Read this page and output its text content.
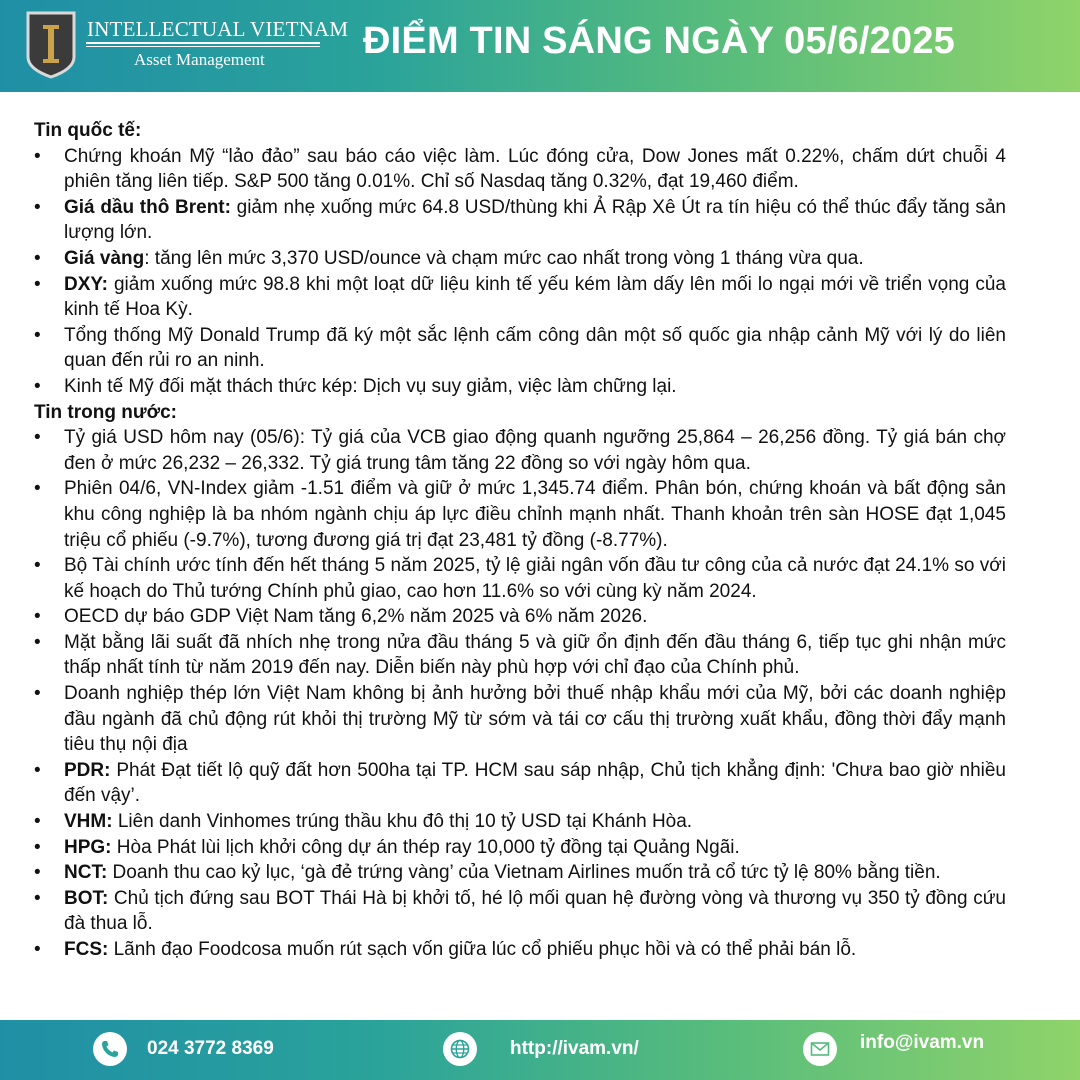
INTELLECTUAL VIETNAM
Asset Management	ĐIỂM TIN SÁNG NGÀY 05/6/2025
Tin quốc tế:
• Chứng khoán Mỹ “lảo đảo” sau báo cáo việc làm. Lúc đóng cửa, Dow Jones mất 0.22%, chấm dứt chuỗi 4 phiên tăng liên tiếp. S&P 500 tăng 0.01%. Chỉ số Nasdaq tăng 0.32%, đạt 19,460 điểm.
• Giá dầu thô Brent: giảm nhẹ xuống mức 64.8 USD/thùng khi Ả Rập Xê Út ra tín hiệu có thể thúc đẩy tăng sản lượng lớn.
• Giá vàng: tăng lên mức 3,370 USD/ounce và chạm mức cao nhất trong vòng 1 tháng vừa qua.
• DXY: giảm xuống mức 98.8 khi một loạt dữ liệu kinh tế yếu kém làm dấy lên mối lo ngại mới về triển vọng của kinh tế Hoa Kỳ.
• Tổng thống Mỹ Donald Trump đã ký một sắc lệnh cấm công dân một số quốc gia nhập cảnh Mỹ với lý do liên quan đến rủi ro an ninh.
• Kinh tế Mỹ đối mặt thách thức kép: Dịch vụ suy giảm, việc làm chững lại.
Tin trong nước:
• Tỷ giá USD hôm nay (05/6): Tỷ giá của VCB giao động quanh ngưỡng 25,864 – 26,256 đồng. Tỷ giá bán chợ đen ở mức 26,232 – 26,332. Tỷ giá trung tâm tăng 22 đồng so với ngày hôm qua.
• Phiên 04/6, VN-Index giảm -1.51 điểm và giữ ở mức 1,345.74 điểm. Phân bón, chứng khoán và bất động sản khu công nghiệp là ba nhóm ngành chịu áp lực điều chỉnh mạnh nhất. Thanh khoản trên sàn HOSE đạt 1,045 triệu cổ phiếu (-9.7%), tương đương giá trị đạt 23,481 tỷ đồng (-8.77%).
• Bộ Tài chính ước tính đến hết tháng 5 năm 2025, tỷ lệ giải ngân vốn đầu tư công của cả nước đạt 24.1% so với kế hoạch do Thủ tướng Chính phủ giao, cao hơn 11.6% so với cùng kỳ năm 2024.
• OECD dự báo GDP Việt Nam tăng 6,2% năm 2025 và 6% năm 2026.
• Mặt bằng lãi suất đã nhích nhẹ trong nửa đầu tháng 5 và giữ ổn định đến đầu tháng 6, tiếp tục ghi nhận mức thấp nhất tính từ năm 2019 đến nay. Diễn biến này phù hợp với chỉ đạo của Chính phủ.
• Doanh nghiệp thép lớn Việt Nam không bị ảnh hưởng bởi thuế nhập khẩu mới của Mỹ, bởi các doanh nghiệp đầu ngành đã chủ động rút khỏi thị trường Mỹ từ sớm và tái cơ cấu thị trường xuất khẩu, đồng thời đẩy mạnh tiêu thụ nội địa
• PDR: Phát Đạt tiết lộ quỹ đất hơn 500ha tại TP. HCM sau sáp nhập, Chủ tịch khẳng định: 'Chưa bao giờ nhiều đến vậy’.
• VHM: Liên danh Vinhomes trúng thầu khu đô thị 10 tỷ USD tại Khánh Hòa.
• HPG: Hòa Phát lùi lịch khởi công dự án thép ray 10,000 tỷ đồng tại Quảng Ngãi.
• NCT: Doanh thu cao kỷ lục, ‘gà đẻ trứng vàng’ của Vietnam Airlines muốn trả cổ tức tỷ lệ 80% bằng tiền.
• BOT: Chủ tịch đứng sau BOT Thái Hà bị khởi tố, hé lộ mối quan hệ đường vòng và thương vụ 350 tỷ đồng cứu đà thua lỗ.
• FCS: Lãnh đạo Foodcosa muốn rút sạch vốn giữa lúc cổ phiếu phục hồi và có thể phải bán lỗ.
024 3772 8369	http://ivam.vn/	info@ivam.vn
